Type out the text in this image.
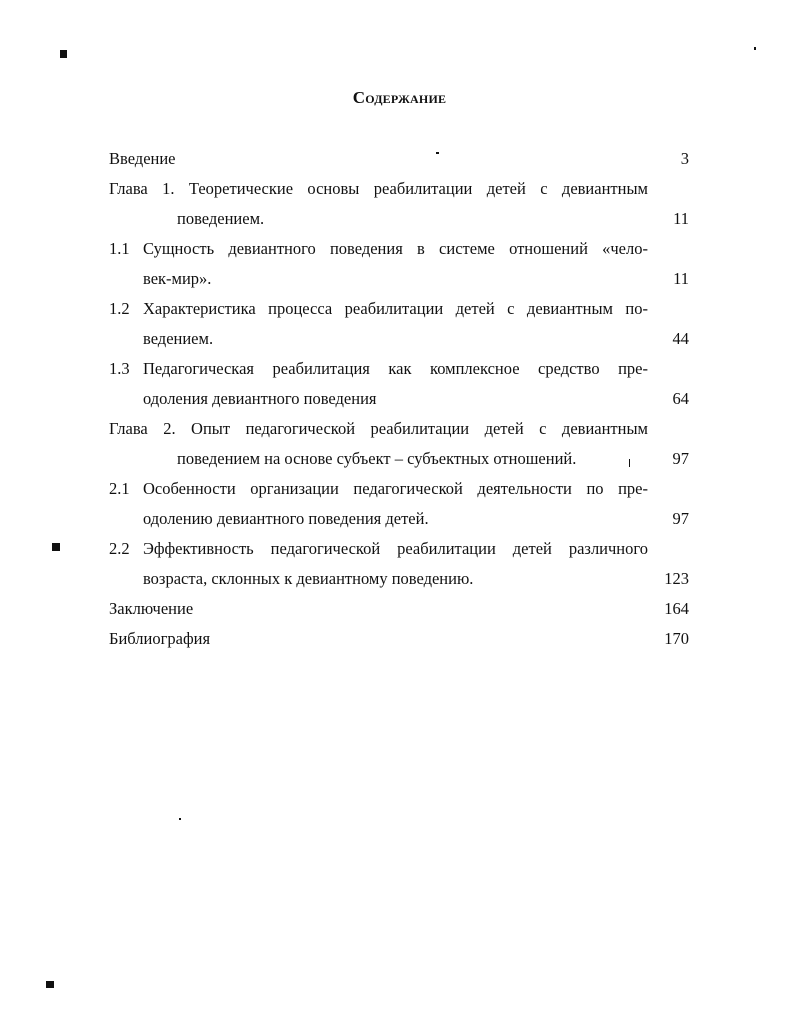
Содержание
Введение	3
Глава 1. Теоретические основы реабилитации детей с девиантным
поведением.	11
1.1 Сущность девиантного поведения в системе отношений «чело-
век-мир».	11
1.2 Характеристика процесса реабилитации детей с девиантным по-
ведением.	44
1.3 Педагогическая реабилитация как комплексное средство пре-
одоления девиантного поведения	64
Глава 2. Опыт педагогической реабилитации детей с девиантным
поведением на основе субъект – субъектных отношений.	97
2.1 Особенности организации педагогической деятельности по пре-
одолению девиантного поведения детей.	97
2.2 Эффективность педагогической реабилитации детей различного
возраста, склонных к девиантному поведению.	123
Заключение	164
Библиография	170
